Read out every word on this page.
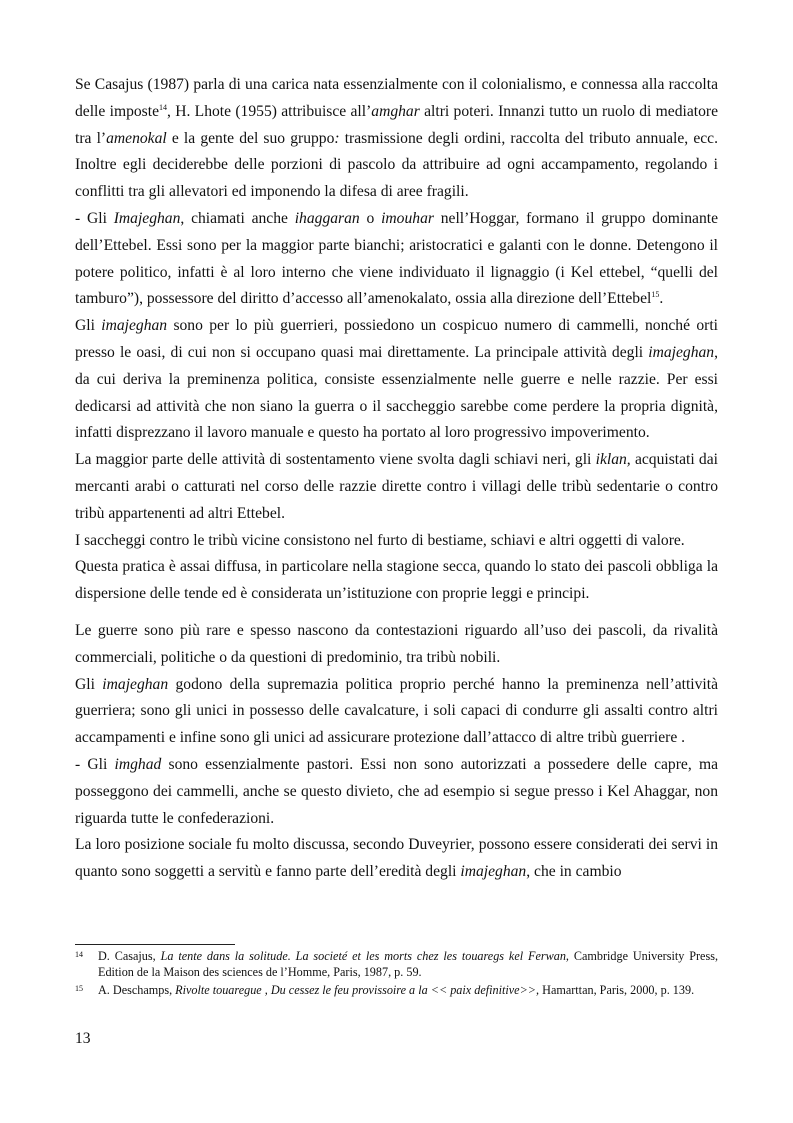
Se Casajus (1987) parla di una carica nata essenzialmente con il colonialismo, e connessa alla raccolta delle imposte$^{14}$, H. Lhote (1955) attribuisce all’amghar altri poteri. Innanzi tutto un ruolo di mediatore tra l’amenokal e la gente del suo gruppo: trasmissione degli ordini, raccolta del tributo annuale, ecc. Inoltre egli deciderebbe delle porzioni di pascolo da attribuire ad ogni accampamento, regolando i conflitti tra gli allevatori ed imponendo la difesa di aree fragili.

- Gli Imajeghan, chiamati anche ihaggaran o imouhar nell’Hoggar, formano il gruppo dominante dell’Ettebel. Essi sono per la maggior parte bianchi; aristocratici e galanti con le donne. Detengono il potere politico, infatti è al loro interno che viene individuato il lignaggio (i Kel ettebel, “quelli del tamburo”), possessore del diritto d’accesso all’amenokalato, ossia alla direzione dell’Ettebel$^{15}$.

Gli imajeghan sono per lo più guerrieri, possiedono un cospicuo numero di cammelli, nonché orti presso le oasi, di cui non si occupano quasi mai direttamente. La principale attività degli imajeghan, da cui deriva la preminenza politica, consiste essenzialmente nelle guerre e nelle razzie. Per essi dedicarsi ad attività che non siano la guerra o il saccheggio sarebbe come perdere la propria dignità, infatti disprezzano il lavoro manuale e questo ha portato al loro progressivo impoverimento.

La maggior parte delle attività di sostentamento viene svolta dagli schiavi neri, gli iklan, acquistati dai mercanti arabi o catturati nel corso delle razzie dirette contro i villagi delle tribù sedentarie o contro tribù appartenenti ad altri Ettebel.

I saccheggi contro le tribù vicine consistono nel furto di bestiame, schiavi e altri oggetti di valore.

Questa pratica è assai diffusa, in particolare nella stagione secca, quando lo stato dei pascoli obbliga la dispersione delle tende ed è considerata un’istituzione con proprie leggi e principi.

Le guerre sono più rare e spesso nascono da contestazioni riguardo all’uso dei pascoli, da rivalità commerciali, politiche o da questioni di predominio, tra tribù nobili.

Gli imajeghan godono della supremazia politica proprio perché hanno la preminenza nell’attività guerriera; sono gli unici in possesso delle cavalcature, i soli capaci di condurre gli assalti contro altri accampamenti e infine sono gli unici ad assicurare protezione dall’attacco di altre tribù guerriere .

- Gli imghad sono essenzialmente pastori. Essi non sono autorizzati a possedere delle capre, ma posseggono dei cammelli, anche se questo divieto, che ad esempio si segue presso i Kel Ahaggar, non riguarda tutte le confederazioni.

La loro posizione sociale fu molto discussa, secondo Duveyrier, possono essere considerati dei servi in quanto sono soggetti a servitù e fanno parte dell’eredità degli imajeghan, che in cambio

14	D. Casajus, La tente dans la solitude. La societé et les morts chez les touaregs kel Ferwan, Cambridge University Press, Edition de la Maison des sciences de l’Homme, Paris, 1987, p. 59.
15	A. Deschamps, Rivolte touaregue , Du cessez le feu provissoire a la << paix definitive>>, Hamarttan, Paris, 2000, p. 139.
13
